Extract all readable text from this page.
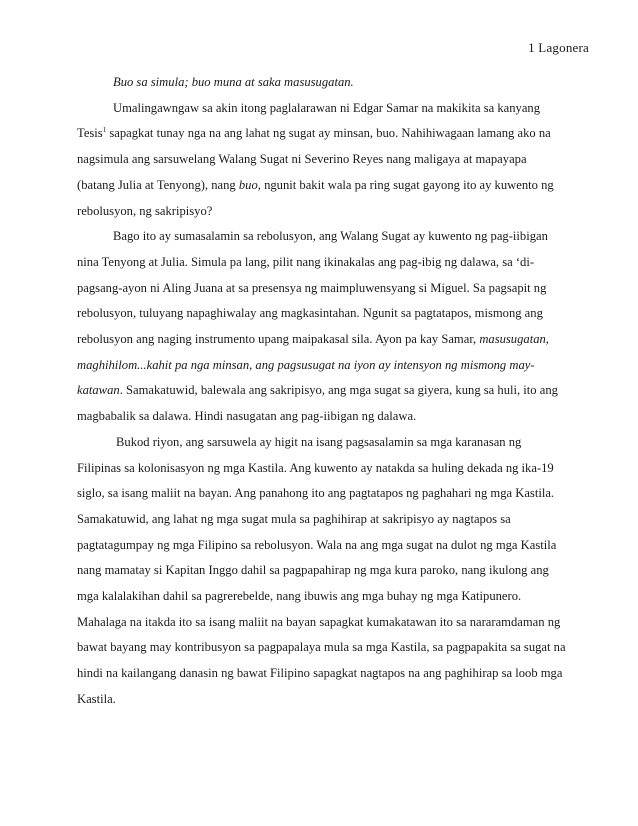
1 Lagonera

Buo sa simula; buo muna at saka masusugatan.

Umalingawngaw sa akin itong paglalarawan ni Edgar Samar na makikita sa kanyang Tesis$^1$ sapagkat tunay nga na ang lahat ng sugat ay minsan, buo. Nahihiwagaan lamang ako na nagsimula ang sarsuwelang Walang Sugat ni Severino Reyes nang maligaya at mapayapa (batang Julia at Tenyong), nang buo, ngunit bakit wala pa ring sugat gayong ito ay kuwento ng rebolusyon, ng sakripisyo?

Bago ito ay sumasalamin sa rebolusyon, ang Walang Sugat ay kuwento ng pag-iibigan nina Tenyong at Julia. Simula pa lang, pilit nang ikinakalas ang pag-ibig ng dalawa, sa ‘di-pagsang-ayon ni Aling Juana at sa presensya ng maimpluwensyang si Miguel. Sa pagsapit ng rebolusyon, tuluyang napaghiwalay ang magkasintahan. Ngunit sa pagtatapos, mismong ang rebolusyon ang naging instrumento upang maipakasal sila. Ayon pa kay Samar, masusugatan, maghihilom...kahit pa nga minsan, ang pagsusugat na iyon ay intensyon ng mismong may-katawan. Samakatuwid, balewala ang sakripisyo, ang mga sugat sa giyera, kung sa huli, ito ang magbabalik sa dalawa. Hindi nasugatan ang pag-iibigan ng dalawa.

Bukod riyon, ang sarsuwela ay higit na isang pagsasalamin sa mga karanasan ng Filipinas sa kolonisasyon ng mga Kastila. Ang kuwento ay natakda sa huling dekada ng ika-19 siglo, sa isang maliit na bayan. Ang panahong ito ang pagtatapos ng paghahari ng mga Kastila. Samakatuwid, ang lahat ng mga sugat mula sa paghihirap at sakripisyo ay nagtapos sa pagtatagumpay ng mga Filipino sa rebolusyon. Wala na ang mga sugat na dulot ng mga Kastila nang mamatay si Kapitan Inggo dahil sa pagpapahirap ng mga kura paroko, nang ikulong ang mga kalalakihan dahil sa pagrerebelde, nang ibuwis ang mga buhay ng mga Katipunero. Mahalaga na itakda ito sa isang maliit na bayan sapagkat kumakatawan ito sa nararamdaman ng bawat bayang may kontribusyon sa pagpapalaya mula sa mga Kastila, sa pagpapakita sa sugat na hindi na kailangang danasin ng bawat Filipino sapagkat nagtapos na ang paghihirap sa loob mga Kastila.
